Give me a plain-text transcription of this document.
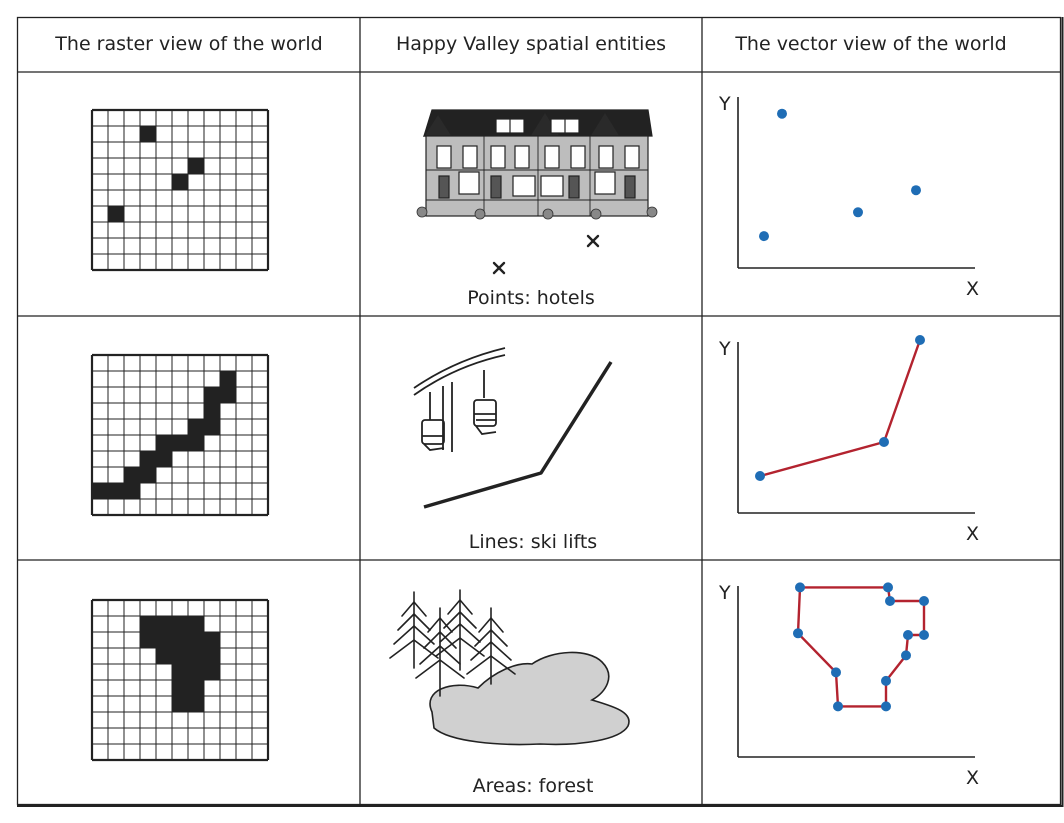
The raster view of the world	Happy Valley spatial entities	The vector view of the world
Points: hotels
Lines: ski lifts
Areas: forest
Y
X
Y
X
Y
X
